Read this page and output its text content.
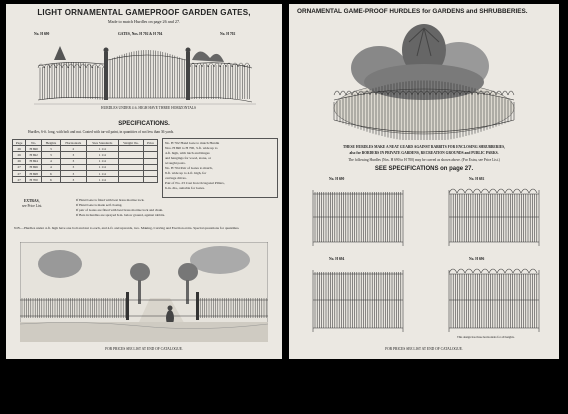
LIGHT ORNAMENTAL GAMEPROOF GARDEN GATES,

Made to match Hurdles on page 26 and 27.

No. H 690	GATES, Nos. H 702 & H 704	No. H 702

HURDLES UNDER 4 ft. HIGH HAVE THREE HORIZONTALS

SPECIFICATIONS.

Hurdles, 6-ft. long, with bolt and nut. Coated with tar-oil paint, in quantities of not less than 36 yards.

Page	No.	Heights	Horizontals	Size Standards	Weight lbs.	Price
26	H 690	3	2	1 1/4		
26	H 692	3	3	1 1/4		
26	H 694	4	3	1 1/4		
27	H 696	4	3	1 1/4		
27	H 698	6	3	1 1/4		
27	H 700	6	3	1 1/4		
No. H 702 Hand Gate to match Hurdle
Nos. H 690 to H 700, 3-ft. wide up to
4-ft. high, with latch and hinges
and hangings for wood, stone, or
wrought posts.
No. H 704 Pair of Gates to match,
8-ft. wide up to 4-ft. high, for
carriage drives.
Pair of No. 23 Cast Iron Octagonal Pillars,
6-in. dia., suitable for Gates.

EXTRAS,

see Price List.

If Hand Gate is fitted with best brass mortise lock.
If Hand Gate is made self closing.
If pair of Gates are fitted with best brass mortise lock and chain.
If Bars in hurdles are sprayed 6-in. below ground, against rabbits.
N.B.—Hurdles under 4-ft. high have one bolt and nut to each, and 4-ft. and upwards, two. Making, Curving and Erection extra. Special quotations for quantities.

FOR PRICES SEE LIST AT END OF CATALOGUE.

ORNAMENTAL GAME-PROOF HURDLES for GARDENS and SHRUBBERIES.

THESE HURDLES MAKE A NEAT GUARD AGAINST RABBITS FOR ENCLOSING SHRUBBERIES,

also for BORDERS IN PRIVATE GARDENS, RECREATION GROUNDS and PUBLIC PARKS.

The following Hurdles (Nos. H 690 to H 700) may be curved as shown above. (For Extra, see Price List.)

SEE SPECIFICATIONS on page 27.

No. H 690	No. H 692

No. H 694	No. H 696

This design has three horizontals for all heights.

FOR PRICES SEE LIST AT END OF CATALOGUE.
